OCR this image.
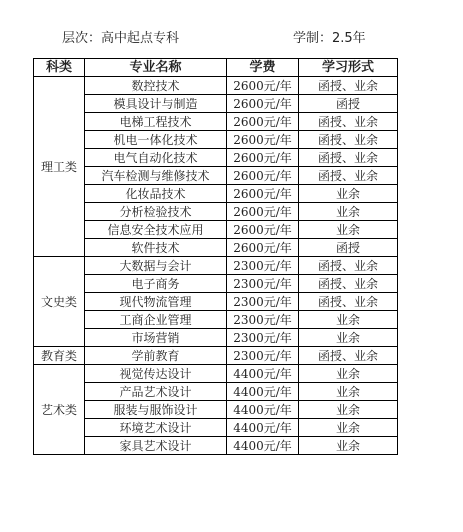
层次：高中起点专科	学制：2.5年
科类	专业名称	学费	学习形式
理工类	数控技术	2600元/年	函授、业余
	模具设计与制造	2600元/年	函授
	电梯工程技术	2600元/年	函授、业余
	机电一体化技术	2600元/年	函授、业余
	电气自动化技术	2600元/年	函授、业余
	汽车检测与维修技术	2600元/年	函授、业余
	化妆品技术	2600元/年	业余
	分析检验技术	2600元/年	业余
	信息安全技术应用	2600元/年	业余
	软件技术	2600元/年	函授
文史类	大数据与会计	2300元/年	函授、业余
	电子商务	2300元/年	函授、业余
	现代物流管理	2300元/年	函授、业余
	工商企业管理	2300元/年	业余
	市场营销	2300元/年	业余
教育类	学前教育	2300元/年	函授、业余
艺术类	视觉传达设计	4400元/年	业余
	产品艺术设计	4400元/年	业余
	服装与服饰设计	4400元/年	业余
	环境艺术设计	4400元/年	业余
	家具艺术设计	4400元/年	业余
